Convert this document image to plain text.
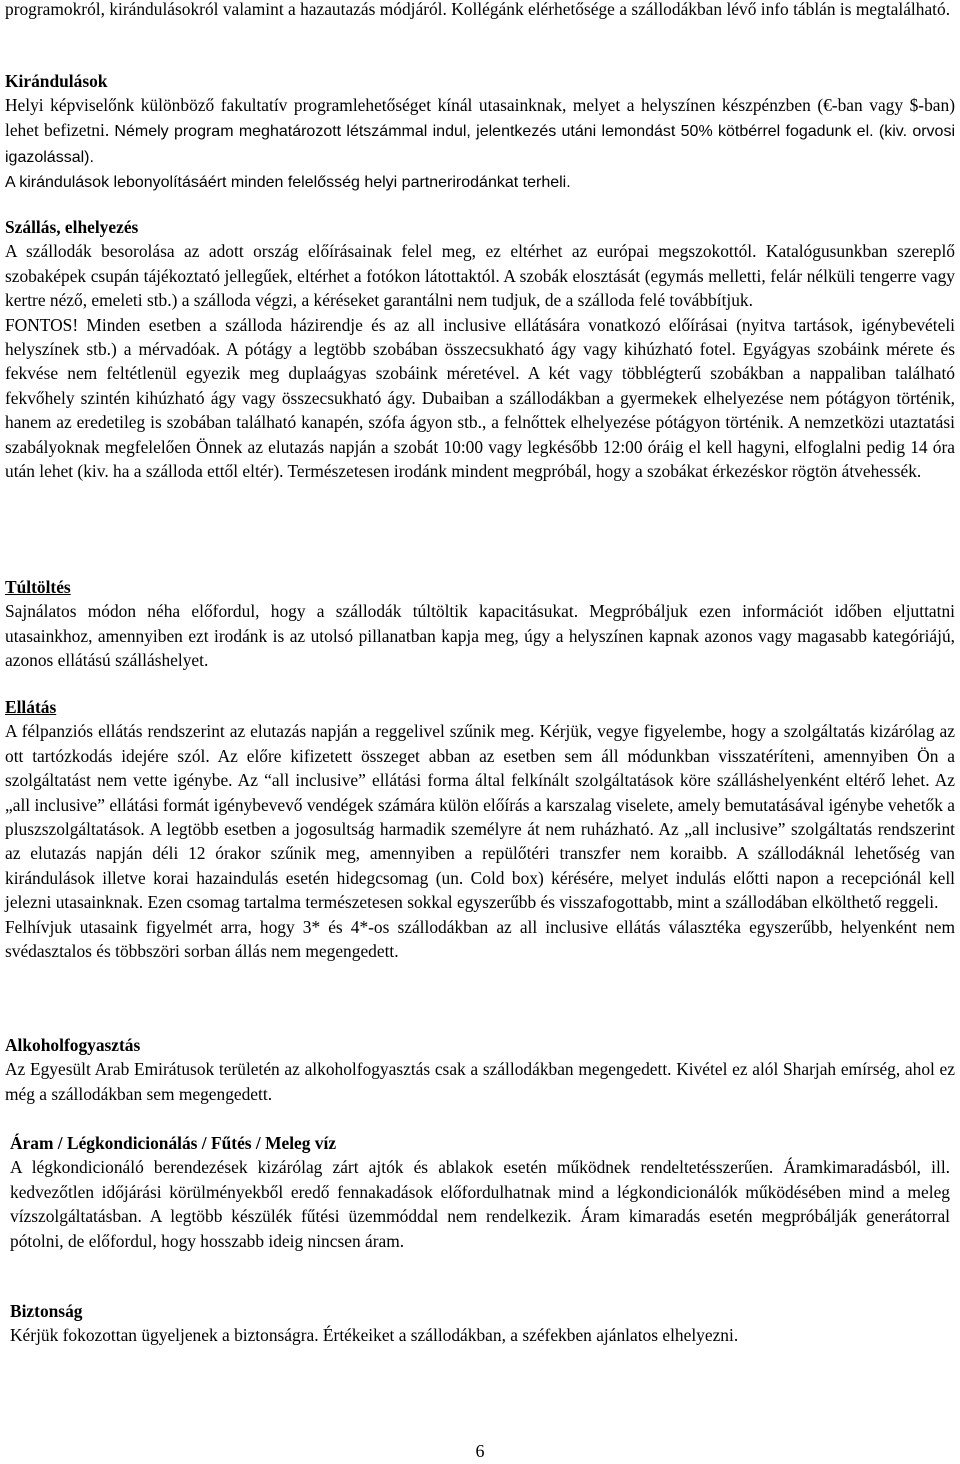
programokról, kirándulásokról valamint a hazautazás módjáról. Kollégánk elérhetősége a szállodákban lévő info táblán is megtalálható.

Kirándulások

Helyi képviselőnk különböző fakultatív programlehetőséget kínál utasainknak, melyet a helyszínen készpénzben (€-ban vagy $-ban) lehet befizetni. Némely program meghatározott létszámmal indul, jelentkezés utáni lemondást 50% kötbérrel fogadunk el. (kiv. orvosi igazolással).

A kirándulások lebonyolításáért minden felelősség helyi partnerirodánkat terheli.

Szállás, elhelyezés

A szállodák besorolása az adott ország előírásainak felel meg, ez eltérhet az európai megszokottól. Katalógusunkban szereplő szobaképek csupán tájékoztató jellegűek, eltérhet a fotókon látottaktól. A szobák elosztását (egymás melletti, felár nélküli tengerre vagy kertre néző, emeleti stb.) a szálloda végzi, a kéréseket garantálni nem tudjuk, de a szálloda felé továbbítjuk.

FONTOS! Minden esetben a szálloda házirendje és az all inclusive ellátására vonatkozó előírásai (nyitva tartások, igénybevételi helyszínek stb.) a mérvadóak. A pótágy a legtöbb szobában összecsukható ágy vagy kihúzható fotel. Egyágyas szobáink mérete és fekvése nem feltétlenül egyezik meg duplaágyas szobáink méretével. A két vagy többlégterű szobákban a nappaliban található fekvőhely szintén kihúzható ágy vagy összecsukható ágy. Dubaiban a szállodákban a gyermekek elhelyezése nem pótágyon történik, hanem az eredetileg is szobában található kanapén, szófa ágyon stb., a felnőttek elhelyezése pótágyon történik. A nemzetközi utaztatási szabályoknak megfelelően Önnek az elutazás napján a szobát 10:00 vagy legkésőbb 12:00 óráig el kell hagyni, elfoglalni pedig 14 óra után lehet (kiv. ha a szálloda ettől eltér). Természetesen irodánk mindent megpróbál, hogy a szobákat érkezéskor rögtön átvehessék.

Túltöltés

Sajnálatos módon néha előfordul, hogy a szállodák túltöltik kapacitásukat. Megpróbáljuk ezen információt időben eljuttatni utasainkhoz, amennyiben ezt irodánk is az utolsó pillanatban kapja meg, úgy a helyszínen kapnak azonos vagy magasabb kategóriájú, azonos ellátású szálláshelyet.

Ellátás

A félpanziós ellátás rendszerint az elutazás napján a reggelivel szűnik meg. Kérjük, vegye figyelembe, hogy a szolgáltatás kizárólag az ott tartózkodás idejére szól. Az előre kifizetett összeget abban az esetben sem áll módunkban visszatéríteni, amennyiben Ön a szolgáltatást nem vette igénybe. Az “all inclusive” ellátási forma által felkínált szolgáltatások köre szálláshelyenként eltérő lehet. Az „all inclusive” ellátási formát igénybevevő vendégek számára külön előírás a karszalag viselete, amely bemutatásával igénybe vehetők a pluszszolgáltatások. A legtöbb esetben a jogosultság harmadik személyre át nem ruházható. Az „all inclusive” szolgáltatás rendszerint az elutazás napján déli 12 órakor szűnik meg, amennyiben a repülőtéri transzfer nem koraibb. A szállodáknál lehetőség van kirándulások illetve korai hazaindulás esetén hidegcsomag (un. Cold box) kérésére, melyet indulás előtti napon a recepciónál kell jelezni utasainknak. Ezen csomag tartalma természetesen sokkal egyszerűbb és visszafogottabb, mint a szállodában elkölthető reggeli.

Felhívjuk utasaink figyelmét arra, hogy 3* és 4*-os szállodákban az all inclusive ellátás választéka egyszerűbb, helyenként nem svédasztalos és többszöri sorban állás nem megengedett.

Alkoholfogyasztás

Az Egyesült Arab Emirátusok területén az alkoholfogyasztás csak a szállodákban megengedett. Kivétel ez alól Sharjah emírség, ahol ez még a szállodákban sem megengedett.

Áram / Légkondicionálás / Fűtés / Meleg víz

A légkondicionáló berendezések kizárólag zárt ajtók és ablakok esetén működnek rendeltetésszerűen. Áramkimaradásból, ill. kedvezőtlen időjárási körülményekből eredő fennakadások előfordulhatnak mind a légkondicionálók működésében mind a meleg vízszolgáltatásban. A legtöbb készülék fűtési üzemmóddal nem rendelkezik. Áram kimaradás esetén megpróbálják generátorral pótolni, de előfordul, hogy hosszabb ideig nincsen áram.

Biztonság

Kérjük fokozottan ügyeljenek a biztonságra. Értékeiket a szállodákban, a széfekben ajánlatos elhelyezni.

6
